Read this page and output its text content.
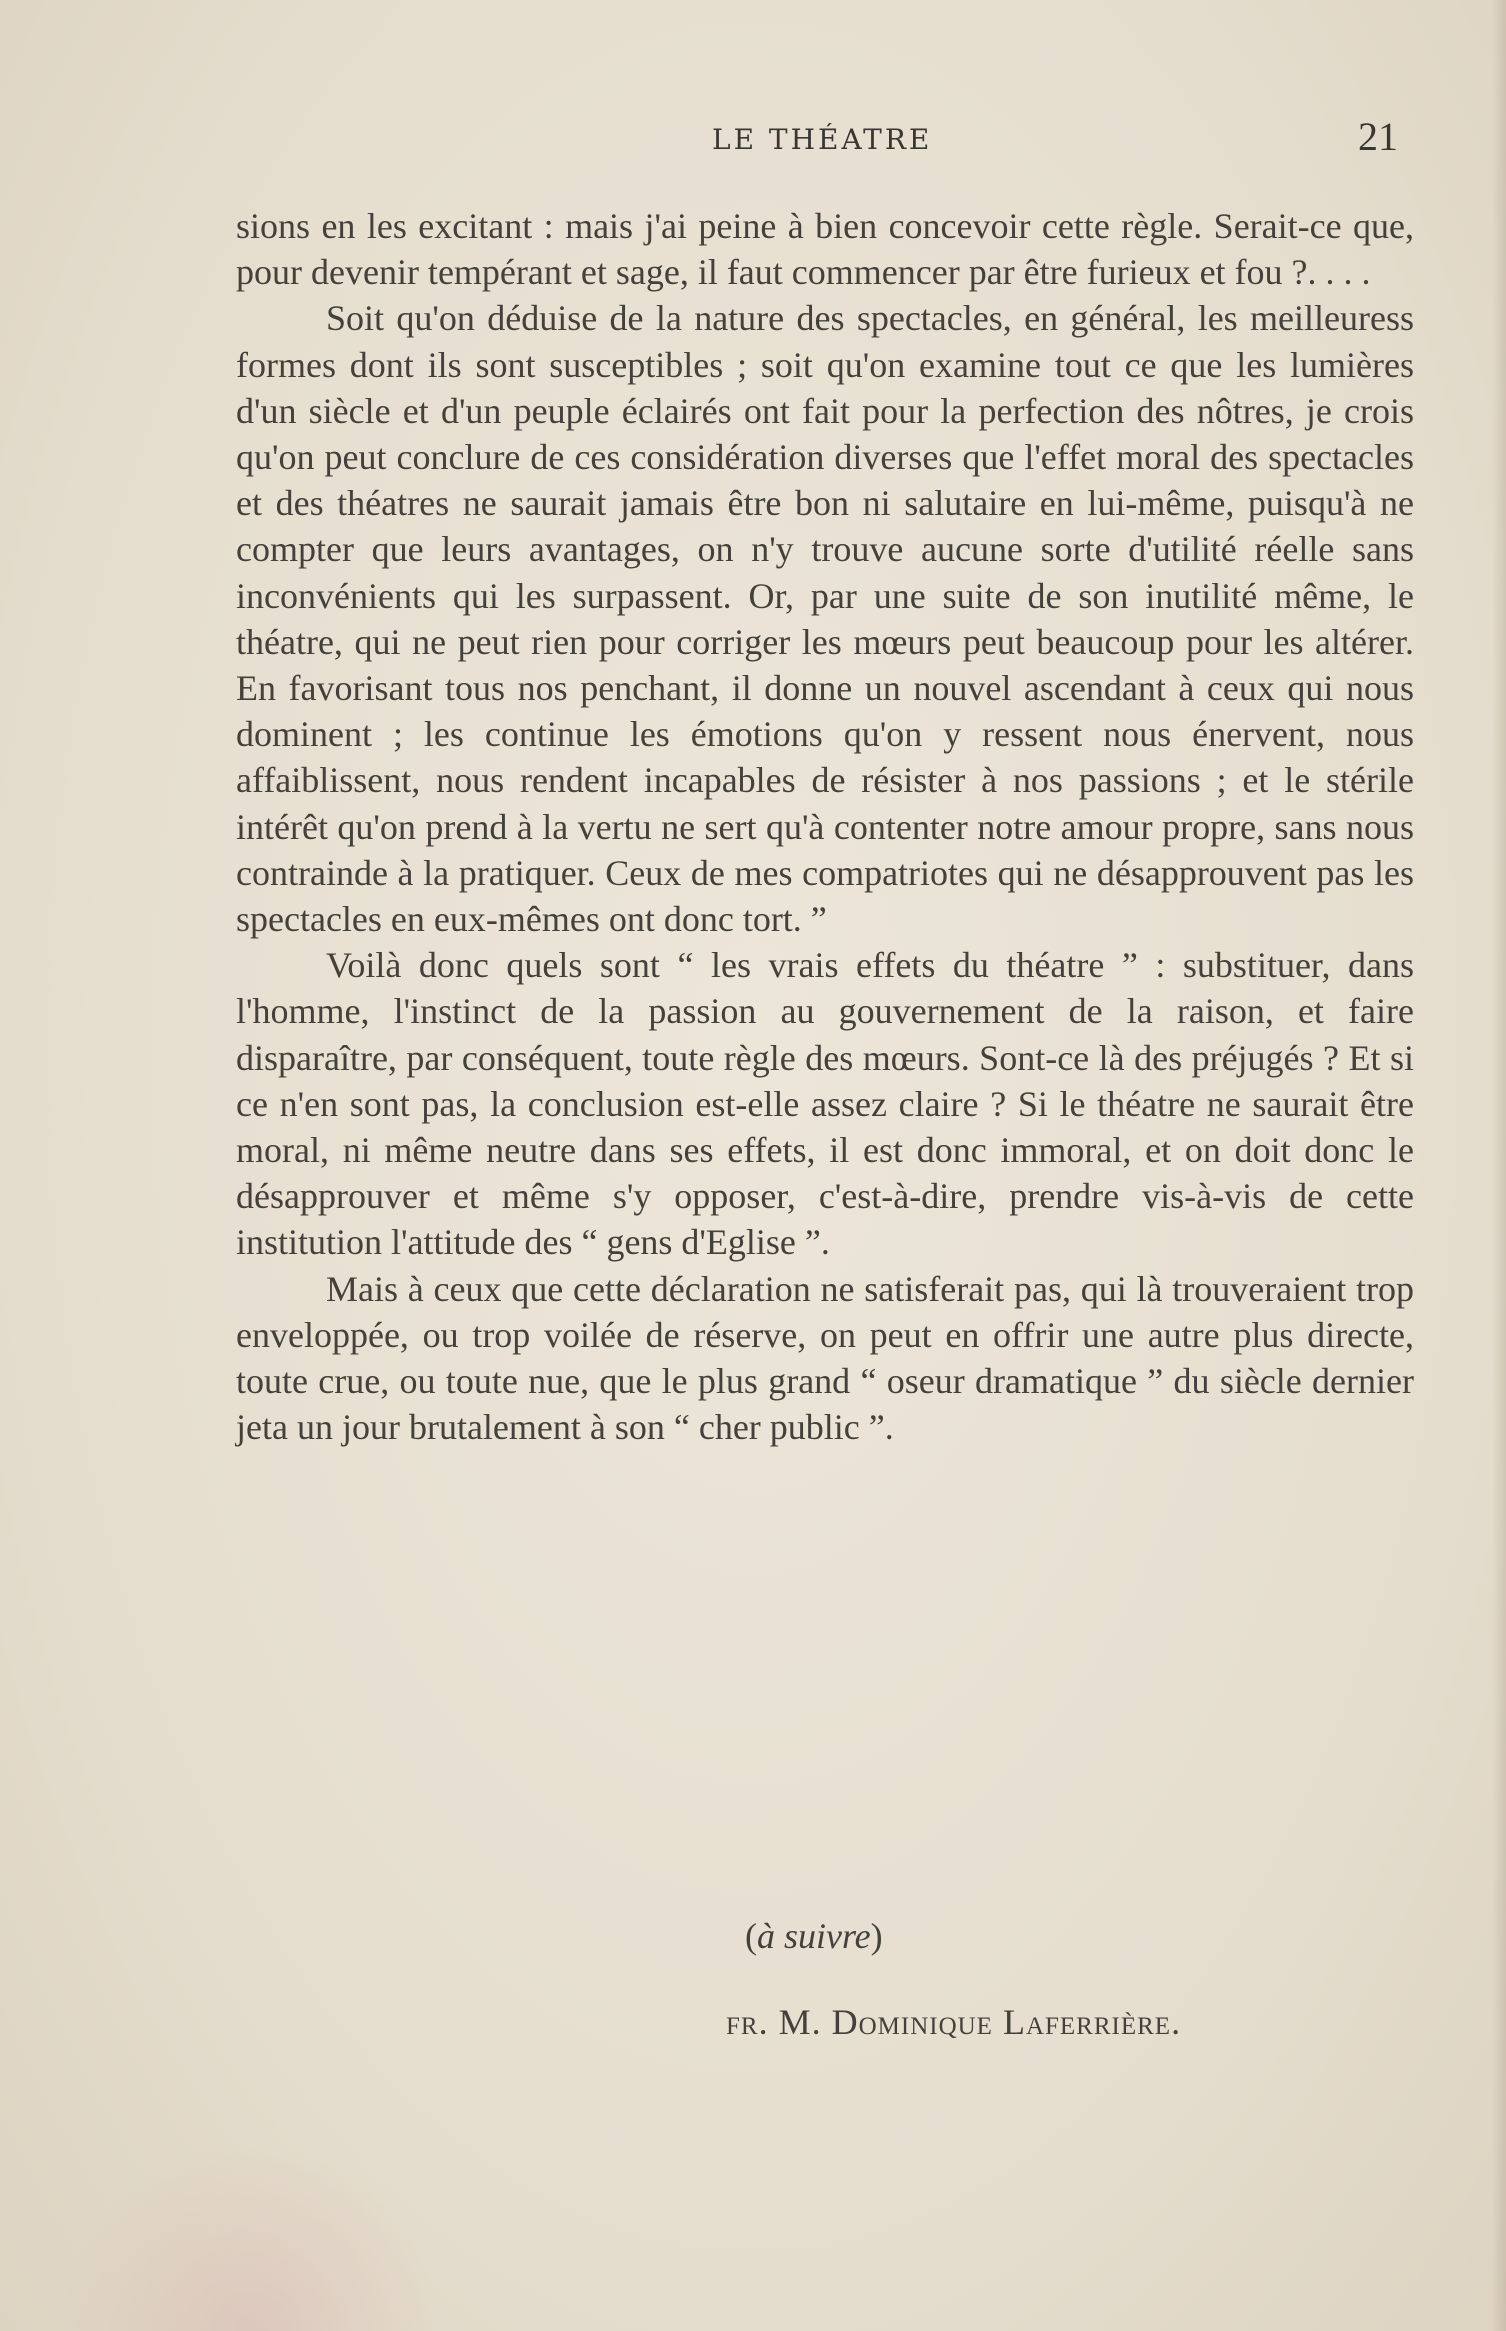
LE THÉATRE	21

sions en les excitant : mais j'ai peine à bien concevoir cette règle. Serait-ce que, pour devenir tempérant et sage, il faut commencer par être furieux et fou ?. . . .

Soit qu'on déduise de la nature des spectacles, en général, les meilleuress formes dont ils sont susceptibles ; soit qu'on examine tout ce que les lumières d'un siècle et d'un peuple éclairés ont fait pour la perfection des nôtres, je crois qu'on peut conclure de ces considération diverses que l'effet moral des spectacles et des théatres ne saurait jamais être bon ni salutaire en lui-même, puisqu'à ne compter que leurs avantages, on n'y trouve aucune sorte d'utilité réelle sans inconvénients qui les surpassent. Or, par une suite de son inutilité même, le théatre, qui ne peut rien pour corriger les mœurs peut beaucoup pour les altérer. En favorisant tous nos penchant, il donne un nouvel ascendant à ceux qui nous dominent ; les continue les émotions qu'on y ressent nous énervent, nous affaiblissent, nous rendent incapables de résister à nos passions ; et le stérile intérêt qu'on prend à la vertu ne sert qu'à contenter notre amour propre, sans nous contrainde à la pratiquer. Ceux de mes compatriotes qui ne désapprouvent pas les spectacles en eux-mêmes ont donc tort. ”

Voilà donc quels sont “ les vrais effets du théatre ” : substituer, dans l'homme, l'instinct de la passion au gouvernement de la raison, et faire disparaître, par conséquent, toute règle des mœurs. Sont-ce là des préjugés ? Et si ce n'en sont pas, la conclusion est-elle assez claire ? Si le théatre ne saurait être moral, ni même neutre dans ses effets, il est donc immoral, et on doit donc le désapprouver et même s'y opposer, c'est-à-dire, prendre vis-à-vis de cette institution l'attitude des “ gens d'Eglise ”.

Mais à ceux que cette déclaration ne satisferait pas, qui là trouveraient trop enveloppée, ou trop voilée de réserve, on peut en offrir une autre plus directe, toute crue, ou toute nue, que le plus grand “ oseur dramatique ” du siècle dernier jeta un jour brutalement à son “ cher public ”.

(à suivre)
fr. M. Dominique Laferrière.
